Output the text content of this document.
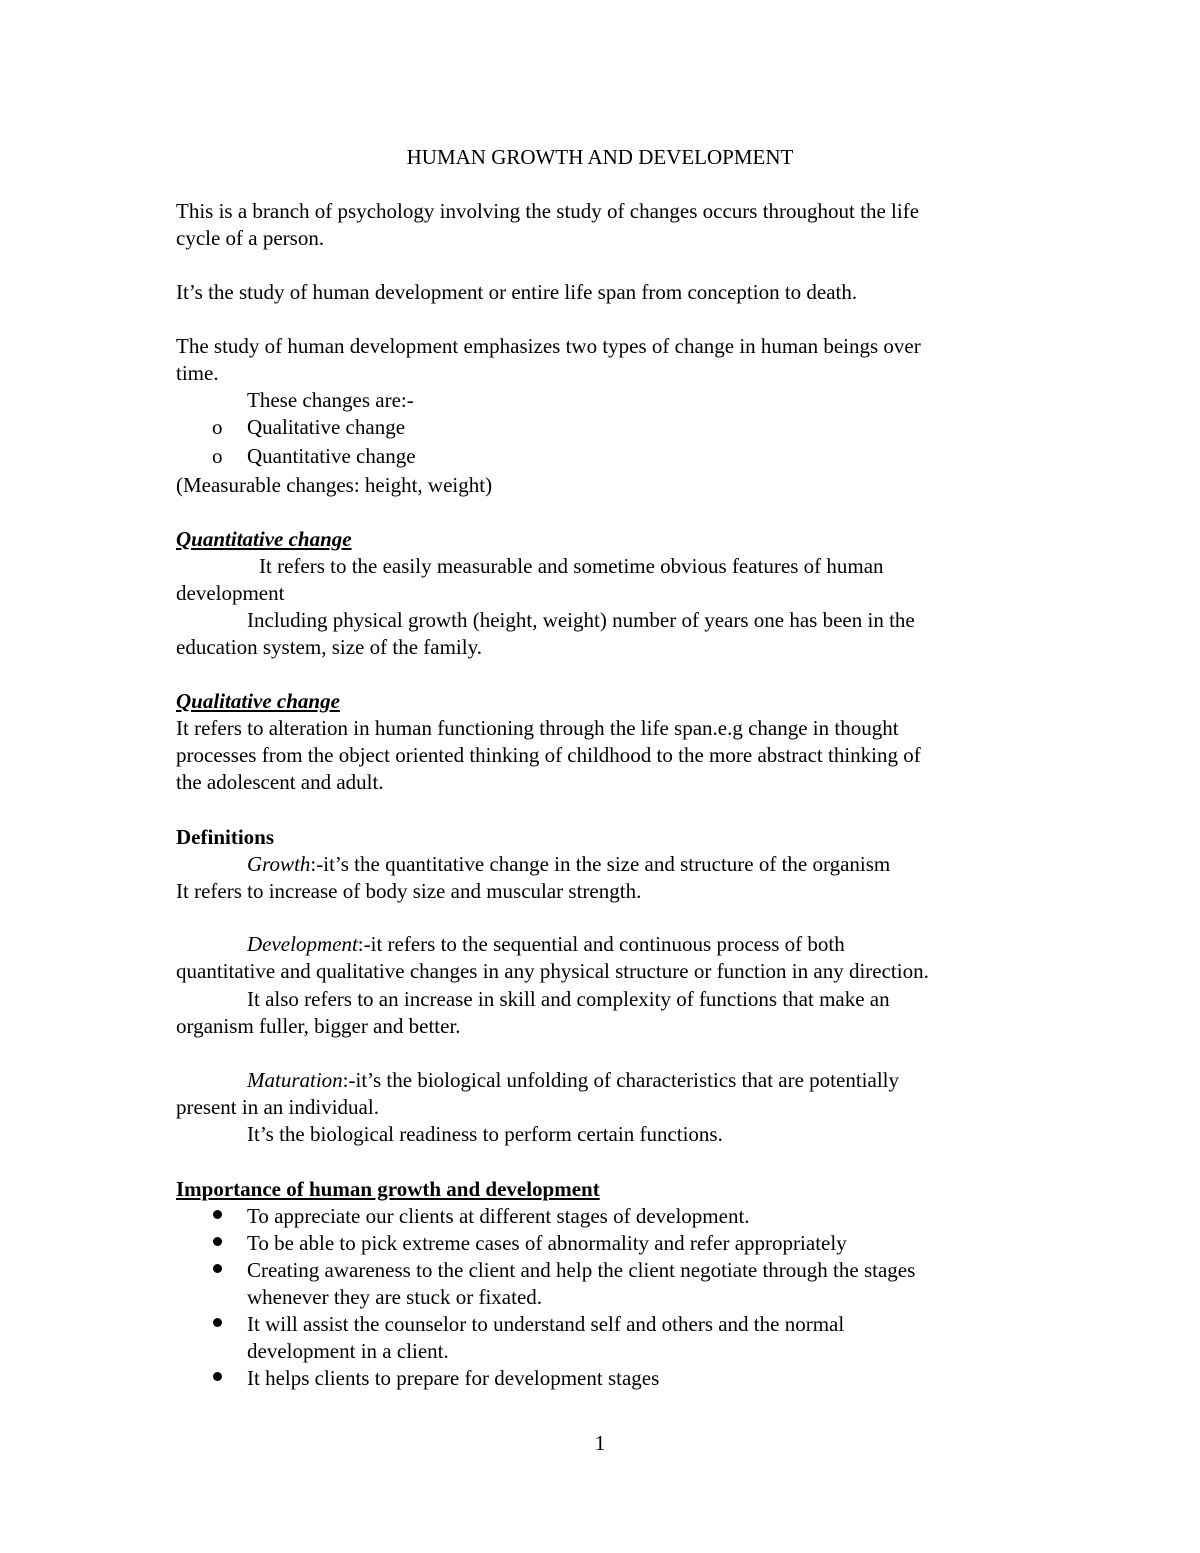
HUMAN GROWTH AND DEVELOPMENT
This is a branch of psychology involving the study of changes occurs throughout the life
cycle of a person.
It’s the study of human development or entire life span from conception to death.
The study of human development emphasizes two types of change in human beings over
time.
These changes are:-
o Qualitative change
o Quantitative change
(Measurable changes: height, weight)
Quantitative change
It refers to the easily measurable and sometime obvious features of human
development
Including physical growth (height, weight) number of years one has been in the
education system, size of the family.
Qualitative change
It refers to alteration in human functioning through the life span.e.g change in thought
processes from the object oriented thinking of childhood to the more abstract thinking of
the adolescent and adult.
Definitions
Growth:-it’s the quantitative change in the size and structure of the organism
It refers to increase of body size and muscular strength.
Development:-it refers to the sequential and continuous process of both
quantitative and qualitative changes in any physical structure or function in any direction.
It also refers to an increase in skill and complexity of functions that make an
organism fuller, bigger and better.
Maturation:-it’s the biological unfolding of characteristics that are potentially
present in an individual.
It’s the biological readiness to perform certain functions.
Importance of human growth and development
To appreciate our clients at different stages of development.
To be able to pick extreme cases of abnormality and refer appropriately
Creating awareness to the client and help the client negotiate through the stages
whenever they are stuck or fixated.
It will assist the counselor to understand self and others and the normal
development in a client.
It helps clients to prepare for development stages
1
